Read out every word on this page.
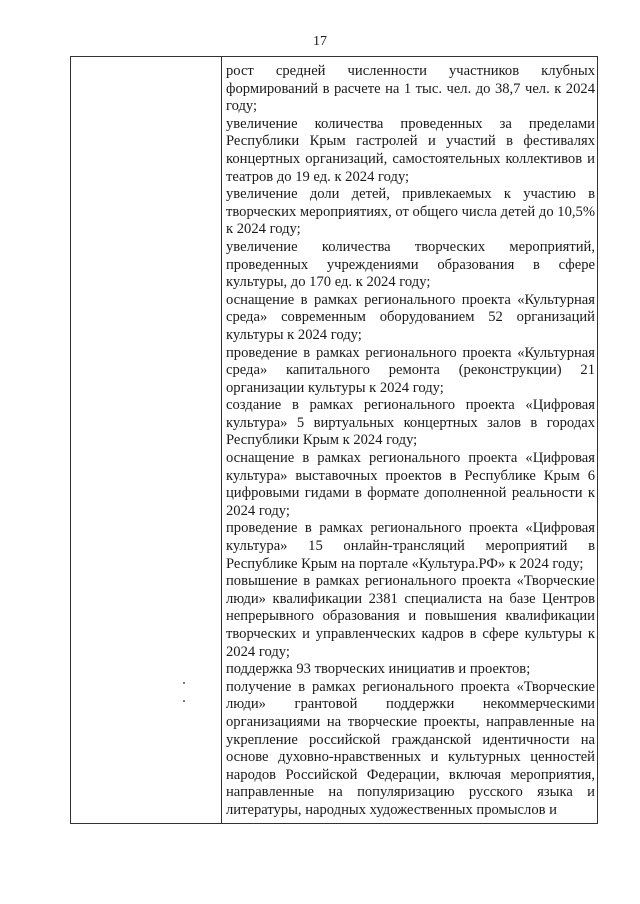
17

рост средней численности участников клубных формирований в расчете на 1 тыс. чел. до 38,7 чел. к 2024 году;
увеличение количества проведенных за пределами Республики Крым гастролей и участий в фестивалях концертных организаций, самостоятельных коллективов и театров до 19 ед. к 2024 году;
увеличение доли детей, привлекаемых к участию в творческих мероприятиях, от общего числа детей до 10,5% к 2024 году;
увеличение количества творческих мероприятий, проведенных учреждениями образования в сфере культуры, до 170 ед. к 2024 году;
оснащение в рамках регионального проекта «Культурная среда» современным оборудованием 52 организаций культуры к 2024 году;
проведение в рамках регионального проекта «Культурная среда» капитального ремонта (реконструкции) 21 организации культуры к 2024 году;
создание в рамках регионального проекта «Цифровая культура» 5 виртуальных концертных залов в городах Республики Крым к 2024 году;
оснащение в рамках регионального проекта «Цифровая культура» выставочных проектов в Республике Крым 6 цифровыми гидами в формате дополненной реальности к 2024 году;
проведение в рамках регионального проекта «Цифровая культура» 15 онлайн-трансляций мероприятий в Республике Крым на портале «Культура.РФ» к 2024 году;
повышение в рамках регионального проекта «Творческие люди» квалификации 2381 специалиста на базе Центров непрерывного образования и повышения квалификации творческих и управленческих кадров в сфере культуры к 2024 году;
поддержка 93 творческих инициатив и проектов;
получение в рамках регионального проекта «Творческие люди» грантовой поддержки некоммерческими организациями на творческие проекты, направленные на укрепление российской гражданской идентичности на основе духовно-нравственных и культурных ценностей народов Российской Федерации, включая мероприятия, направленные на популяризацию русского языка и литературы, народных художественных промыслов и
